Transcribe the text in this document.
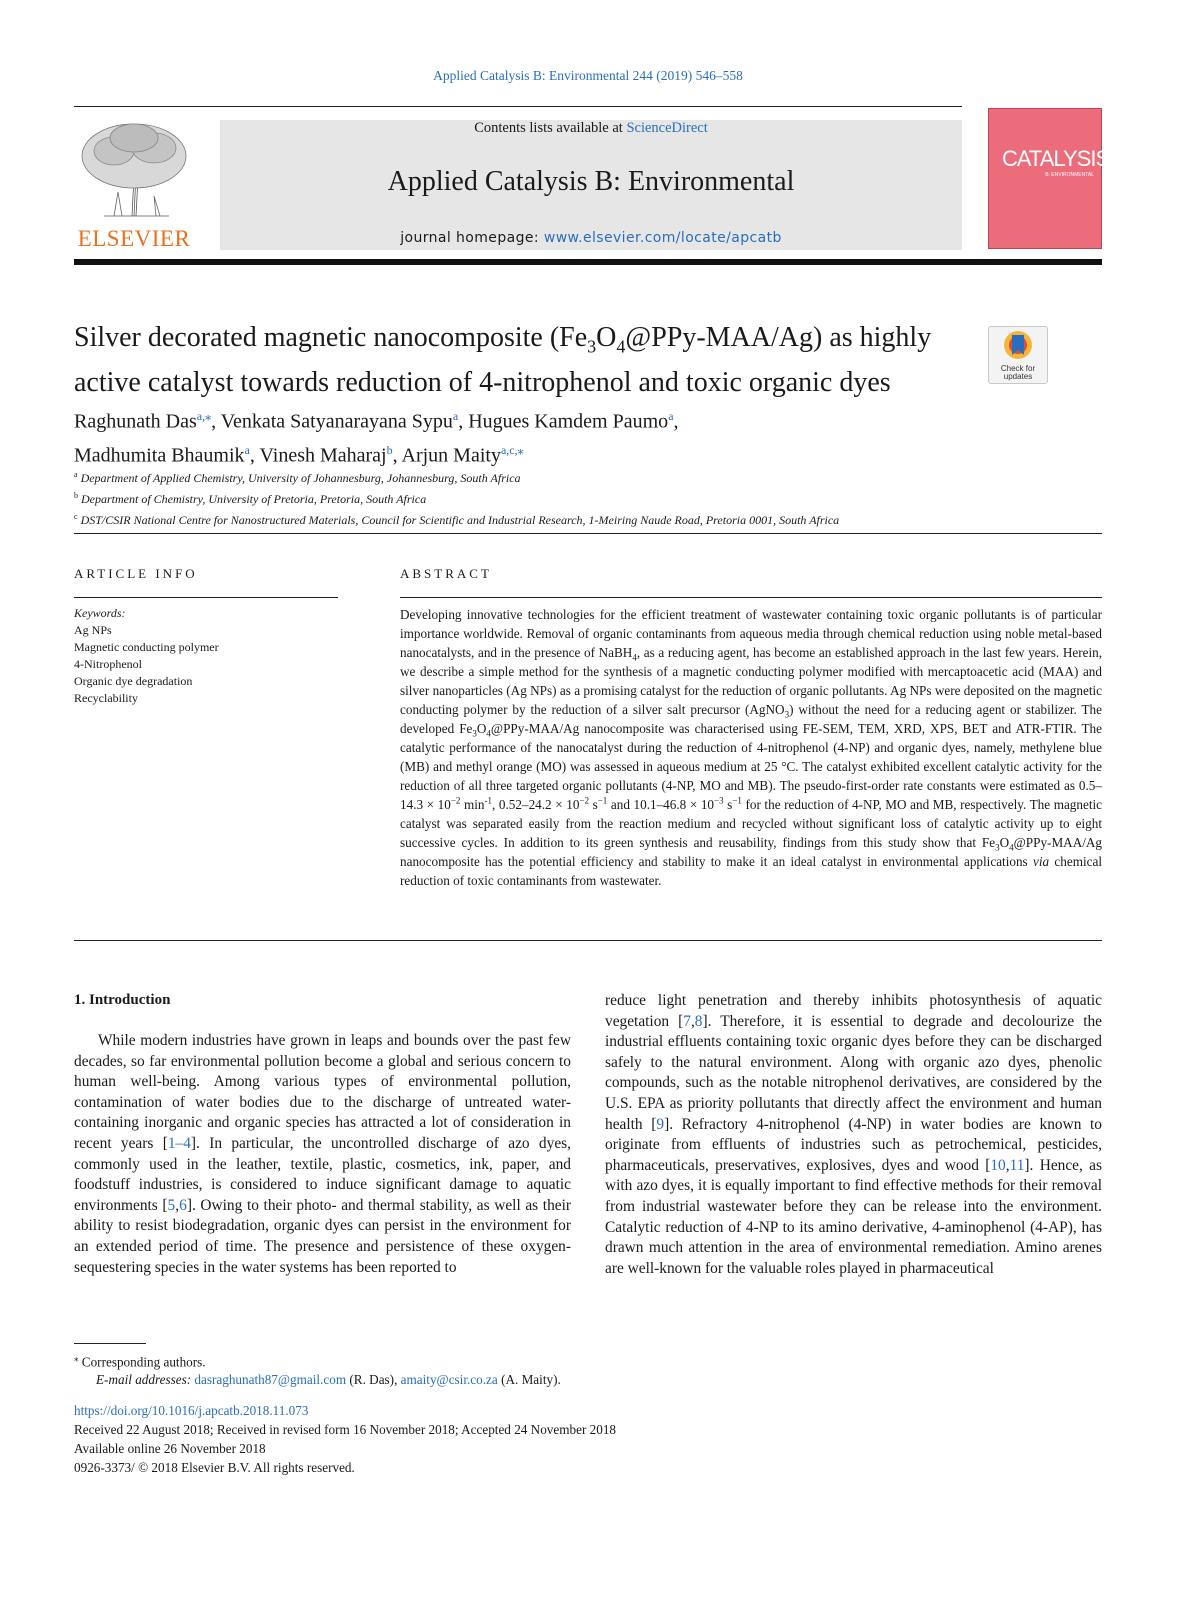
Applied Catalysis B: Environmental 244 (2019) 546–558
ELSEVIER
Contents lists available at ScienceDirect
Applied Catalysis B: Environmental
journal homepage: www.elsevier.com/locate/apcatb
CATALYSIS
B: ENVIRONMENTAL
Silver decorated magnetic nanocomposite $(Fe_3O_4@PPy-MAA/Ag)$ as highly active catalyst towards reduction of 4-nitrophenol and toxic organic dyes	Check for updates
Raghunath Das$^{a,⁎}$, Venkata Satyanarayana Sypu$^a$, Hugues Kamdem Paumo$^a$,
Madhumita Bhaumik$^a$, Vinesh Maharaj$^b$, Arjun Maity$^{a,c,⁎}$
$^a$ Department of Applied Chemistry, University of Johannesburg, Johannesburg, South Africa
$^b$ Department of Chemistry, University of Pretoria, Pretoria, South Africa
$^c$ DST/CSIR National Centre for Nanostructured Materials, Council for Scientific and Industrial Research, 1-Meiring Naude Road, Pretoria 0001, South Africa
ARTICLE INFO	ABSTRACT
Keywords:
Ag NPs
Magnetic conducting polymer
4-Nitrophenol
Organic dye degradation
Recyclability
Developing innovative technologies for the efficient treatment of wastewater containing toxic organic pollutants is of particular importance worldwide. Removal of organic contaminants from aqueous media through chemical reduction using noble metal-based nanocatalysts, and in the presence of NaBH$_4$, as a reducing agent, has become an established approach in the last few years. Herein, we describe a simple method for the synthesis of a magnetic conducting polymer modified with mercaptoacetic acid (MAA) and silver nanoparticles (Ag NPs) as a promising catalyst for the reduction of organic pollutants. Ag NPs were deposited on the magnetic conducting polymer by the reduction of a silver salt precursor (AgNO$_3$) without the need for a reducing agent or stabilizer. The developed $Fe_3O_4@PPy-MAA/Ag$ nanocomposite was characterised using FE-SEM, TEM, XRD, XPS, BET and ATR-FTIR. The catalytic performance of the nanocatalyst during the reduction of 4-nitrophenol (4-NP) and organic dyes, namely, methylene blue (MB) and methyl orange (MO) was assessed in aqueous medium at 25 °C. The catalyst exhibited excellent catalytic activity for the reduction of all three targeted organic pollutants (4-NP, MO and MB). The pseudo-first-order rate constants were estimated as $0.5-14.3 \times 10^{-2}$ $\min^{-1}$, $0.52-24.2 \times 10^{-2}$ $s^{-1}$ and $10.1-46.8 \times 10^{-3}$ $s^{-1}$ for the reduction of 4-NP, MO and MB, respectively. The magnetic catalyst was separated easily from the reaction medium and recycled without significant loss of catalytic activity up to eight successive cycles. In addition to its green synthesis and reusability, findings from this study show that $Fe_3O_4@PPy-MAA/Ag$ nanocomposite has the potential efficiency and stability to make it an ideal catalyst in environmental applications via chemical reduction of toxic contaminants from wastewater.
1. Introduction
While modern industries have grown in leaps and bounds over the past few decades, so far environmental pollution become a global and serious concern to human well-being. Among various types of environmental pollution, contamination of water bodies due to the discharge of untreated water-containing inorganic and organic species has attracted a lot of consideration in recent years [1–4]. In particular, the uncontrolled discharge of azo dyes, commonly used in the leather, textile, plastic, cosmetics, ink, paper, and foodstuff industries, is considered to induce significant damage to aquatic environments [5,6]. Owing to their photo- and thermal stability, as well as their ability to resist biodegradation, organic dyes can persist in the environment for an extended period of time. The presence and persistence of these oxygen-sequestering species in the water systems has been reported to
reduce light penetration and thereby inhibits photosynthesis of aquatic vegetation [7,8]. Therefore, it is essential to degrade and decolourize the industrial effluents containing toxic organic dyes before they can be discharged safely to the natural environment. Along with organic azo dyes, phenolic compounds, such as the notable nitrophenol derivatives, are considered by the U.S. EPA as priority pollutants that directly affect the environment and human health [9]. Refractory 4-nitrophenol (4-NP) in water bodies are known to originate from effluents of industries such as petrochemical, pesticides, pharmaceuticals, preservatives, explosives, dyes and wood [10,11]. Hence, as with azo dyes, it is equally important to find effective methods for their removal from industrial wastewater before they can be release into the environment. Catalytic reduction of 4-NP to its amino derivative, 4-aminophenol (4-AP), has drawn much attention in the area of environmental remediation. Amino arenes are well-known for the valuable roles played in pharmaceutical
⁎ Corresponding authors.
E-mail addresses: dasraghunath87@gmail.com (R. Das), amaity@csir.co.za (A. Maity).
https://doi.org/10.1016/j.apcatb.2018.11.073
Received 22 August 2018; Received in revised form 16 November 2018; Accepted 24 November 2018
Available online 26 November 2018
0926-3373/ © 2018 Elsevier B.V. All rights reserved.
